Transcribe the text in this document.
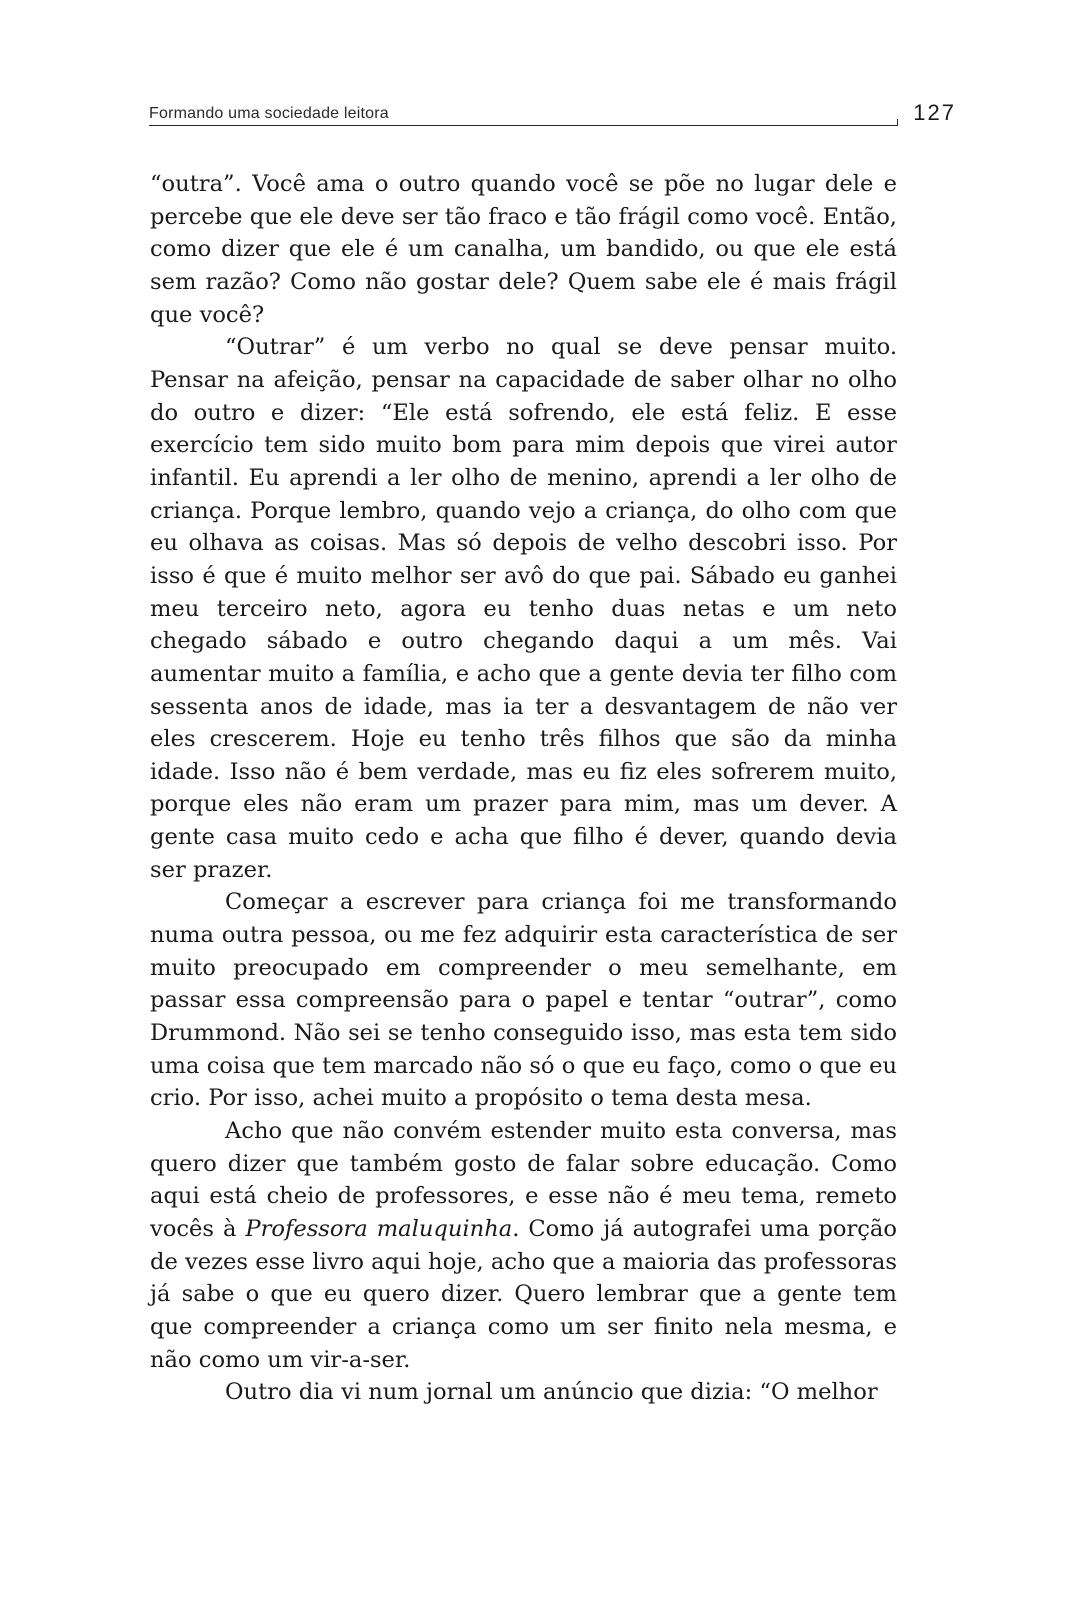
Formando uma sociedade leitora	127

“outra”. Você ama o outro quando você se põe no lugar dele e percebe que ele deve ser tão fraco e tão frágil como você. Então, como dizer que ele é um canalha, um bandido, ou que ele está sem razão? Como não gostar dele? Quem sabe ele é mais frágil que você?

“Outrar” é um verbo no qual se deve pensar muito. Pensar na afeição, pensar na capacidade de saber olhar no olho do outro e dizer: “Ele está sofrendo, ele está feliz. E esse exercício tem sido muito bom para mim depois que virei autor infantil. Eu aprendi a ler olho de menino, aprendi a ler olho de criança. Porque lembro, quando vejo a criança, do olho com que eu olhava as coisas. Mas só depois de velho descobri isso. Por isso é que é muito melhor ser avô do que pai. Sábado eu ganhei meu terceiro neto, agora eu tenho duas netas e um neto chegado sábado e outro chegando daqui a um mês. Vai aumentar muito a família, e acho que a gente devia ter filho com sessenta anos de idade, mas ia ter a desvantagem de não ver eles crescerem. Hoje eu tenho três filhos que são da minha idade. Isso não é bem verdade, mas eu fiz eles sofrerem muito, porque eles não eram um prazer para mim, mas um dever. A gente casa muito cedo e acha que filho é dever, quando devia ser prazer.

Começar a escrever para criança foi me transformando numa outra pessoa, ou me fez adquirir esta característica de ser muito preocupado em compreender o meu semelhante, em passar essa compreensão para o papel e tentar “outrar”, como Drummond. Não sei se tenho conseguido isso, mas esta tem sido uma coisa que tem marcado não só o que eu faço, como o que eu crio. Por isso, achei muito a propósito o tema desta mesa.

Acho que não convém estender muito esta conversa, mas quero dizer que também gosto de falar sobre educação. Como aqui está cheio de professores, e esse não é meu tema, remeto vocês à Professora maluquinha. Como já autografei uma porção de vezes esse livro aqui hoje, acho que a maioria das professoras já sabe o que eu quero dizer. Quero lembrar que a gente tem que compreender a criança como um ser finito nela mesma, e não como um vir-a-ser.

Outro dia vi num jornal um anúncio que dizia: “O melhor
